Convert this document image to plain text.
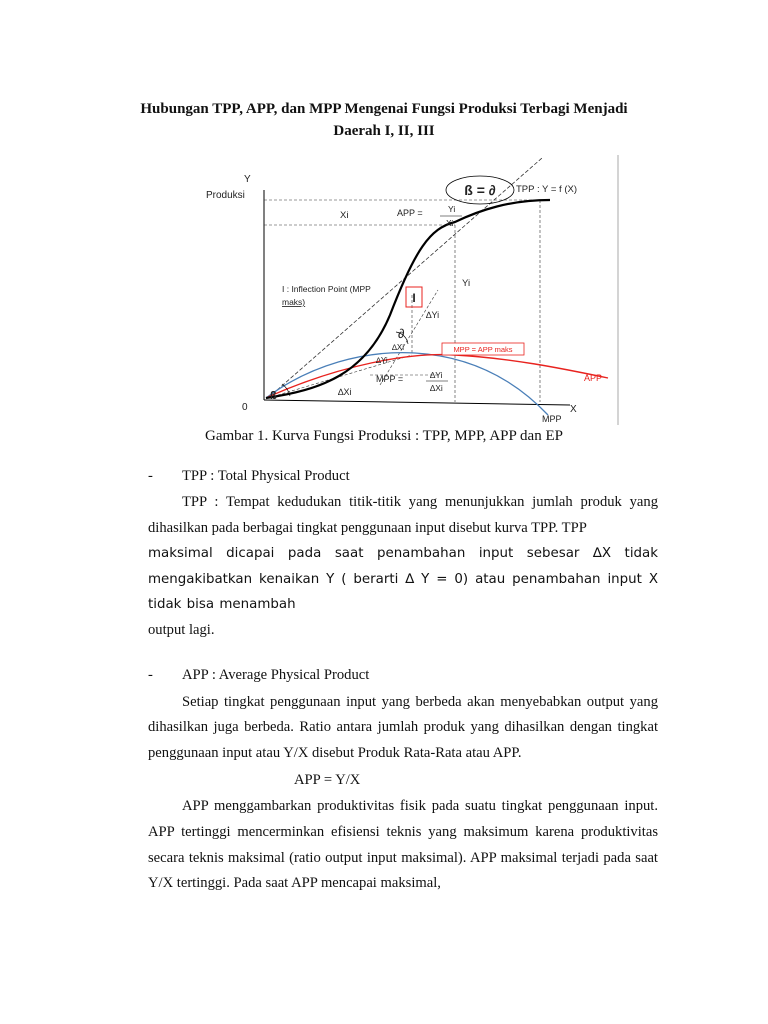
Hubungan TPP, APP, dan MPP Mengenai Fungsi Produksi Terbagi Menjadi Daerah I, II, III
I
MPP = APP maks
ß = ∂
Y
Produksi
X
0
TPP : Y = f (X)
Xi
Yi
APP =	Yi
Xi
I : Inflection Point (MPP
maks)
∆Yi
∂
∆Xi
∆Yi
MPP =	∆Yi
∆Xi
∆Xi
ß
APP
MPP
Gambar 1. Kurva Fungsi Produksi : TPP, MPP, APP dan EP
-	TPP : Total Physical Product

TPP : Tempat kedudukan titik-titik yang menunjukkan jumlah produk yang dihasilkan pada berbagai tingkat penggunaan input disebut kurva TPP. TPP

maksimal dicapai pada saat penambahan input sebesar ∆X tidak mengakibatkan kenaikan Y ( berarti ∆ Y = 0) atau penambahan input X tidak bisa menambah

output lagi.

-	APP : Average Physical Product

Setiap tingkat penggunaan input yang berbeda akan menyebabkan output yang dihasilkan juga berbeda. Ratio antara jumlah produk yang dihasilkan dengan tingkat penggunaan input atau Y/X disebut Produk Rata-Rata atau APP.

APP = Y/X

APP menggambarkan produktivitas fisik pada suatu tingkat penggunaan input. APP tertinggi mencerminkan efisiensi teknis yang maksimum karena produktivitas secara teknis maksimal (ratio output input maksimal). APP maksimal terjadi pada saat Y/X tertinggi. Pada saat APP mencapai maksimal,
